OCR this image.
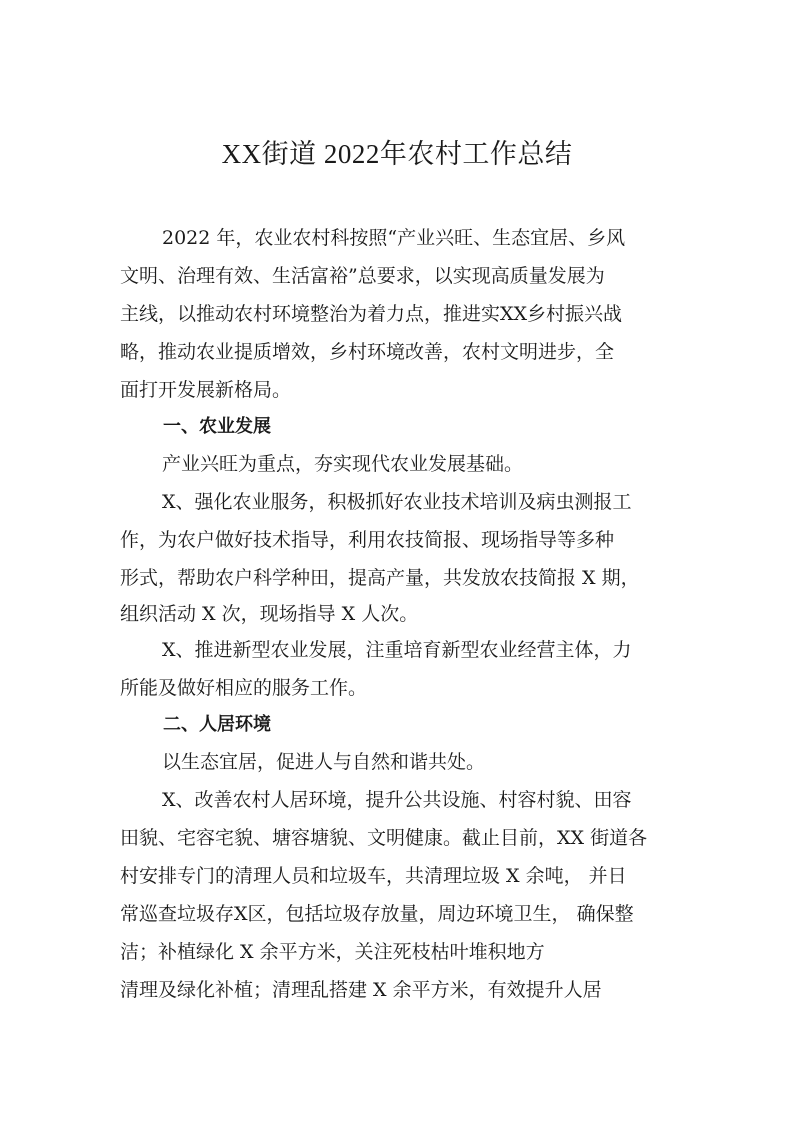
XX街道 2022年农村工作总结
2022 年，农业农村科按照“产业兴旺、生态宜居、乡风
文明、治理有效、生活富裕”总要求，以实现高质量发展为
主线，以推动农村环境整治为着力点，推进实XX乡村振兴战
略，推动农业提质增效，乡村环境改善，农村文明进步，全
面打开发展新格局。
一、农业发展
产业兴旺为重点，夯实现代农业发展基础。
X、强化农业服务，积极抓好农业技术培训及病虫测报工
作，为农户做好技术指导，利用农技简报、现场指导等多种
形式，帮助农户科学种田，提高产量，共发放农技简报 X 期，
组织活动 X 次，现场指导 X 人次。
X、推进新型农业发展，注重培育新型农业经营主体，力
所能及做好相应的服务工作。
二、人居环境
以生态宜居，促进人与自然和谐共处。
X、改善农村人居环境，提升公共设施、村容村貌、田容
田貌、宅容宅貌、塘容塘貌、文明健康。截止目前，XX 街道各
村安排专门的清理人员和垃圾车，共清理垃圾 X 余吨， 并日
常巡查垃圾存X区，包括垃圾存放量，周边环境卫生， 确保整
洁；补植绿化 X 余平方米，关注死枝枯叶堆积地方
清理及绿化补植；清理乱搭建 X 余平方米，有效提升人居
